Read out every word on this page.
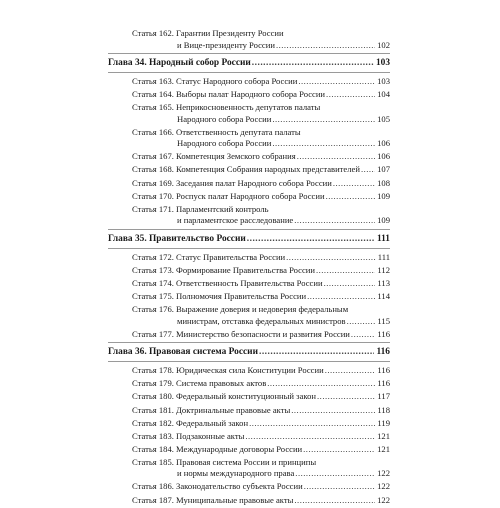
Статья 162. Гарантии Президенту России
и Вице-президенту России .....	102
Глава 34. Народный собор России .....	103
Статья 163. Статус Народного собора России .....	103
Статья 164. Выборы палат Народного собора России .....	104
Статья 165. Неприкосновенность депутатов палаты
Народного собора России .....	105
Статья 166. Ответственность депутата палаты
Народного собора России .....	106
Статья 167. Компетенция Земского собрания .....	106
Статья 168. Компетенция Собрания народных представителей ..... 107
Статья 169. Заседания палат Народного собора России .....	108
Статья 170. Роспуск палат Народного собора России .....	109
Статья 171. Парламентский контроль
и парламентское расследование .....	109
Глава 35. Правительство России .....	111
Статья 172. Статус Правительства России .....	111
Статья 173. Формирование Правительства России .....	112
Статья 174. Ответственность Правительства России .....	113
Статья 175. Полномочия Правительства России .....	114
Статья 176. Выражение доверия и недоверия федеральным
министрам, отставка федеральных министров .....	115
Статья 177. Министерство безопасности и развития России .....	116
Глава 36. Правовая система России .....	116
Статья 178. Юридическая сила Конституции России .....	116
Статья 179. Система правовых актов .....	116
Статья 180. Федеральный конституционный закон .....	117
Статья 181. Доктринальные правовые акты .....	118
Статья 182. Федеральный закон .....	119
Статья 183. Подзаконные акты .....	121
Статья 184. Международные договоры России .....	121
Статья 185. Правовая система России и принципы
и нормы международного права .....	122
Статья 186. Законодательство субъекта России .....	122
Статья 187. Муниципальные правовые акты .....	122
